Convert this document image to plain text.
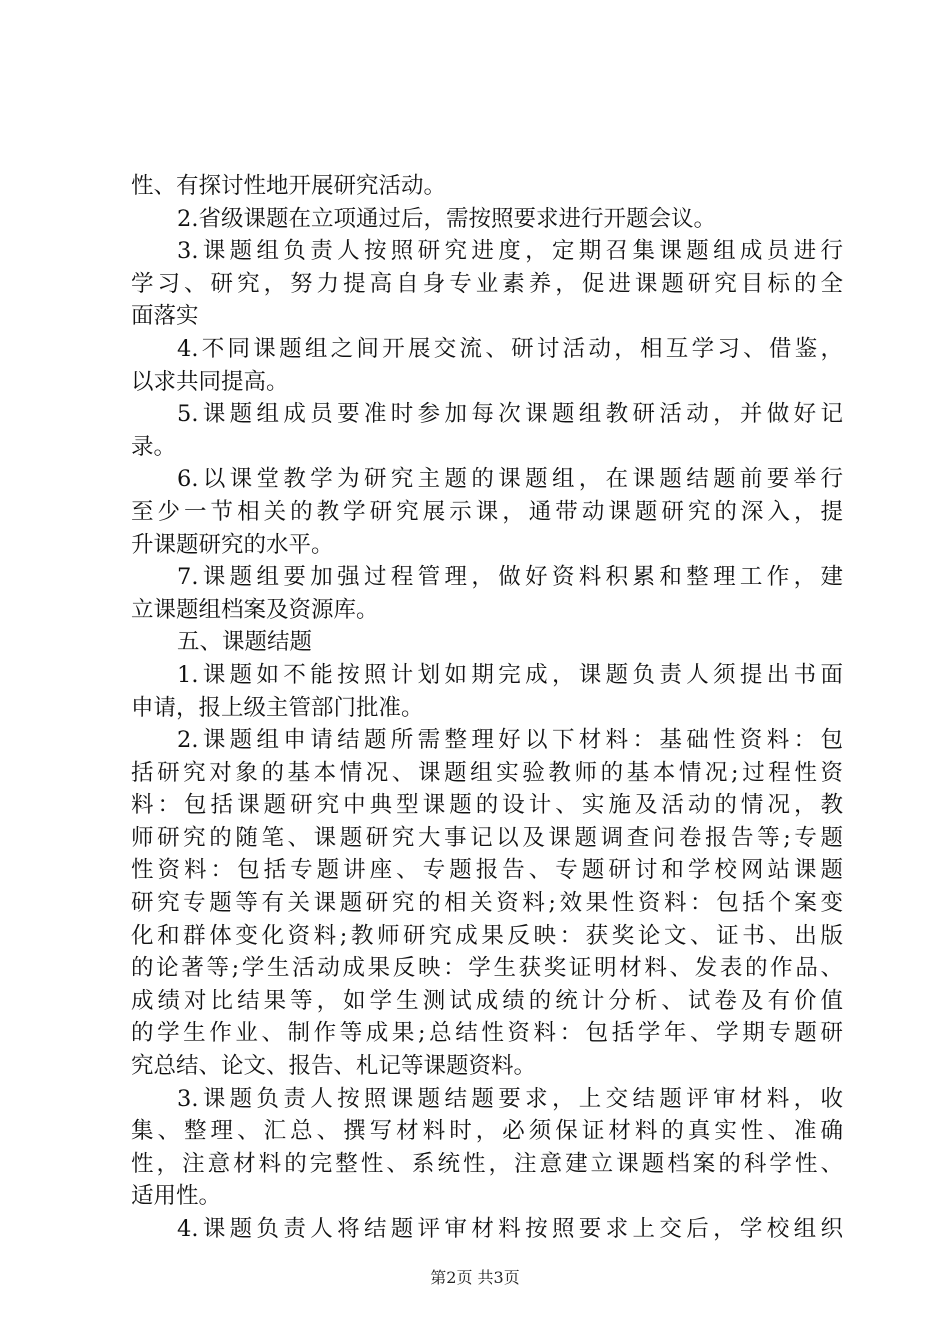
性、有探讨性地开展研究活动。
2.省级课题在立项通过后，需按照要求进行开题会议。
3.课题组负责人按照研究进度，定期召集课题组成员进行
学习、研究，努力提高自身专业素养，促进课题研究目标的全
面落实
4.不同课题组之间开展交流、研讨活动，相互学习、借鉴，
以求共同提高。
5.课题组成员要准时参加每次课题组教研活动，并做好记
录。
6.以课堂教学为研究主题的课题组，在课题结题前要举行
至少一节相关的教学研究展示课，通带动课题研究的深入，提
升课题研究的水平。
7.课题组要加强过程管理，做好资料积累和整理工作，建
立课题组档案及资源库。
五、课题结题
1.课题如不能按照计划如期完成，课题负责人须提出书面
申请，报上级主管部门批准。
2.课题组申请结题所需整理好以下材料：基础性资料：包
括研究对象的基本情况、课题组实验教师的基本情况;过程性资
料：包括课题研究中典型课题的设计、实施及活动的情况，教
师研究的随笔、课题研究大事记以及课题调查问卷报告等;专题
性资料：包括专题讲座、专题报告、专题研讨和学校网站课题
研究专题等有关课题研究的相关资料;效果性资料：包括个案变
化和群体变化资料;教师研究成果反映：获奖论文、证书、出版
的论著等;学生活动成果反映：学生获奖证明材料、发表的作品、
成绩对比结果等，如学生测试成绩的统计分析、试卷及有价值
的学生作业、制作等成果;总结性资料：包括学年、学期专题研
究总结、论文、报告、札记等课题资料。
3.课题负责人按照课题结题要求，上交结题评审材料，收
集、整理、汇总、撰写材料时，必须保证材料的真实性、准确
性，注意材料的完整性、系统性，注意建立课题档案的科学性、
适用性。
4.课题负责人将结题评审材料按照要求上交后，学校组织
第2页 共3页
